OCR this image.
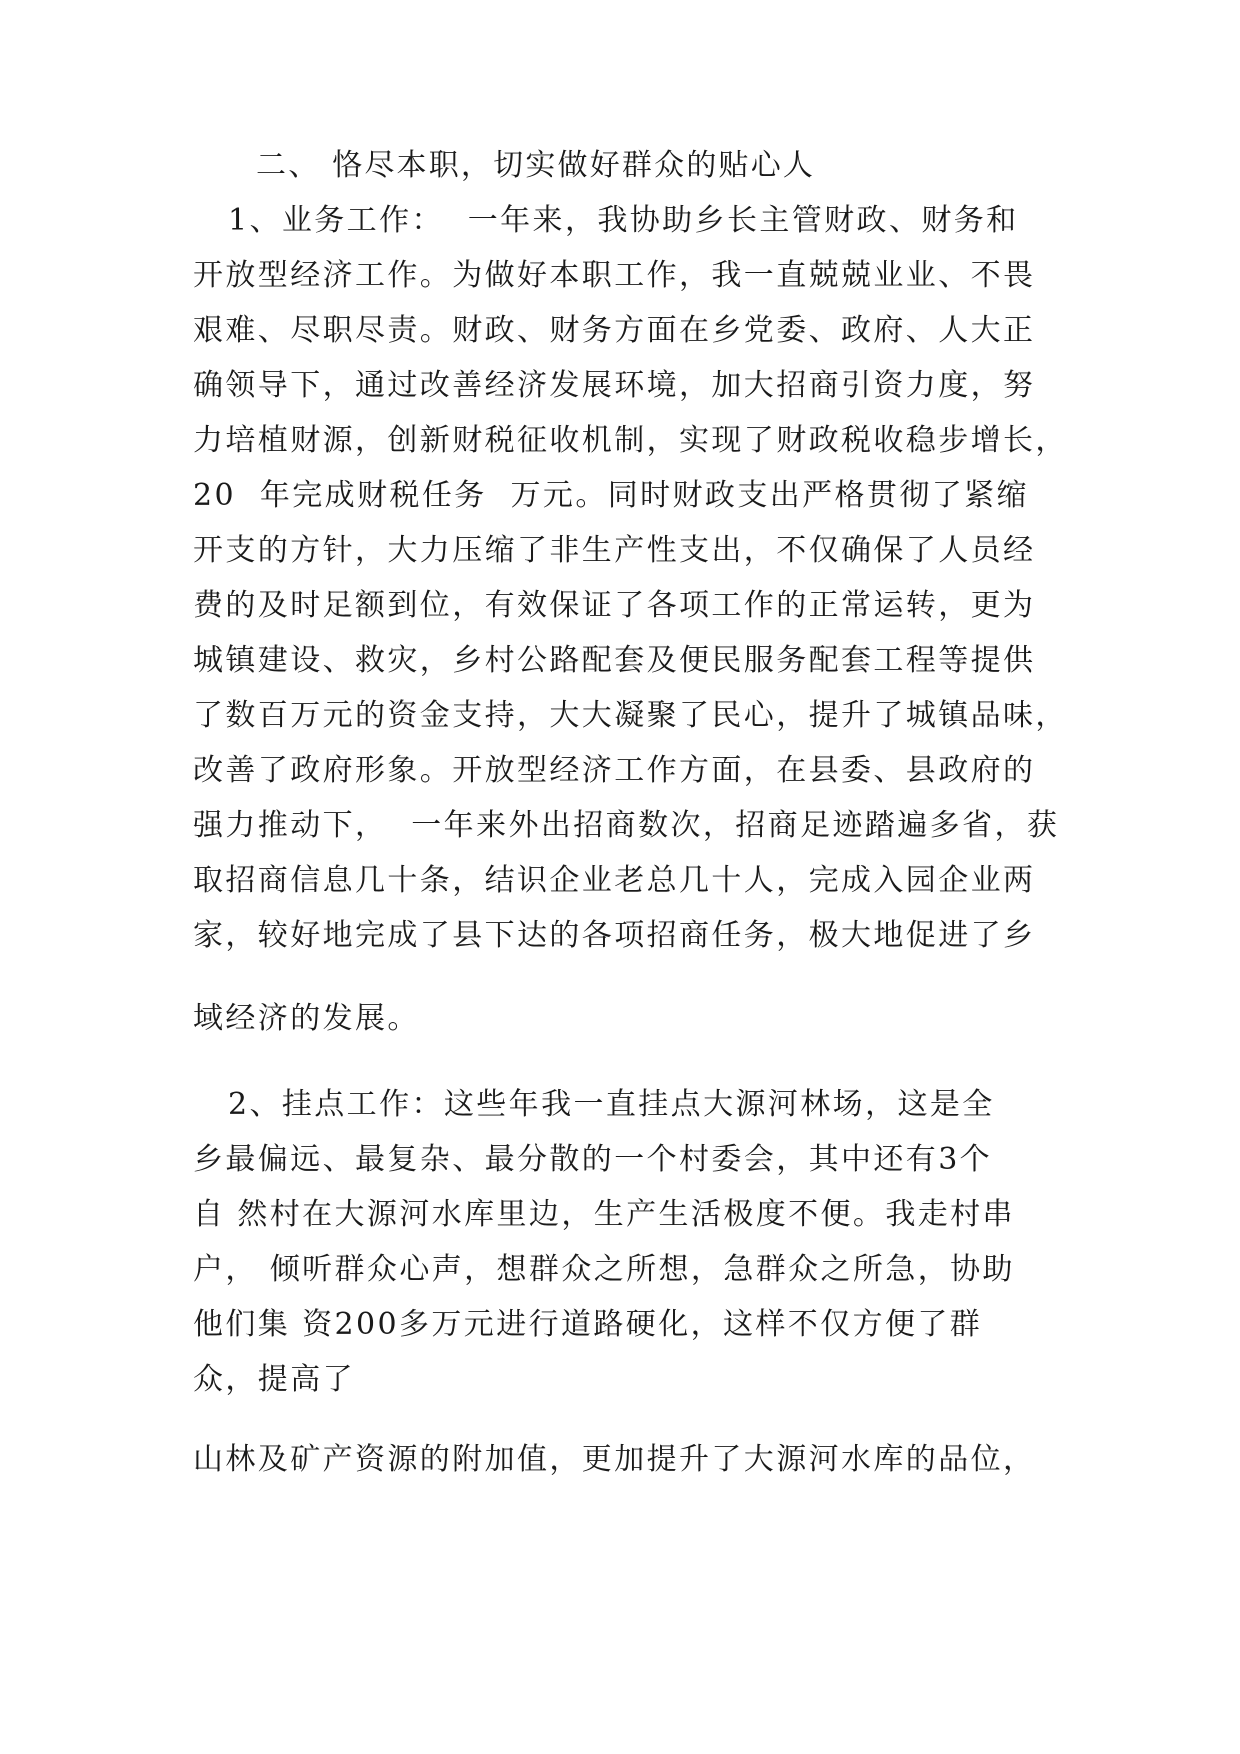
二、 恪尽本职，切实做好群众的贴心人
1、业务工作：  一年来，我协助乡长主管财政、财务和
开放型经济工作。为做好本职工作，我一直兢兢业业、不畏
艰难、尽职尽责。财政、财务方面在乡党委、政府、人大正
确领导下，通过改善经济发展环境，加大招商引资力度，努
力培植财源，创新财税征收机制，实现了财政税收稳步增长，
20  年完成财税任务  万元。同时财政支出严格贯彻了紧缩
开支的方针，大力压缩了非生产性支出，不仅确保了人员经
费的及时足额到位，有效保证了各项工作的正常运转，更为
城镇建设、救灾，乡村公路配套及便民服务配套工程等提供
了数百万元的资金支持，大大凝聚了民心，提升了城镇品味，
改善了政府形象。开放型经济工作方面，在县委、县政府的
强力推动下，  一年来外出招商数次，招商足迹踏遍多省，获
取招商信息几十条，结识企业老总几十人，完成入园企业两
家，较好地完成了县下达的各项招商任务，极大地促进了乡
域经济的发展。
2、挂点工作：这些年我一直挂点大源河林场，这是全
乡最偏远、最复杂、最分散的一个村委会，其中还有3个
自 然村在大源河水库里边，生产生活极度不便。我走村串
户， 倾听群众心声，想群众之所想，急群众之所急，协助
他们集 资200多万元进行道路硬化，这样不仅方便了群
众，提高了
山林及矿产资源的附加值，更加提升了大源河水库的品位，
